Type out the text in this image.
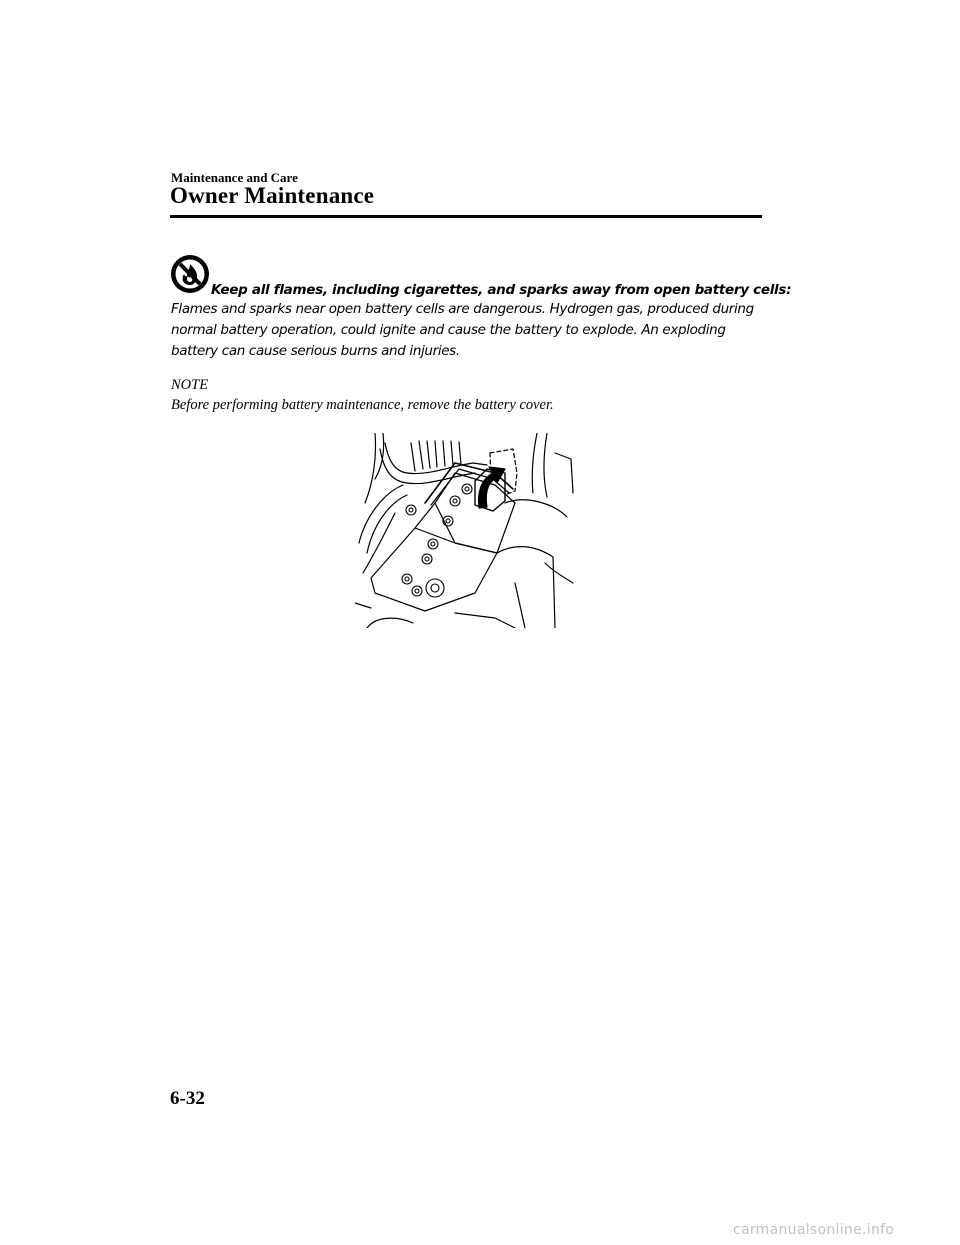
Maintenance and Care
Owner Maintenance
Keep all flames, including cigarettes, and sparks away from open battery cells:
Flames and sparks near open battery cells are dangerous. Hydrogen gas, produced during normal battery operation, could ignite and cause the battery to explode. An exploding battery can cause serious burns and injuries.
NOTE
Before performing battery maintenance, remove the battery cover.
6-32
carmanualsonline.info
